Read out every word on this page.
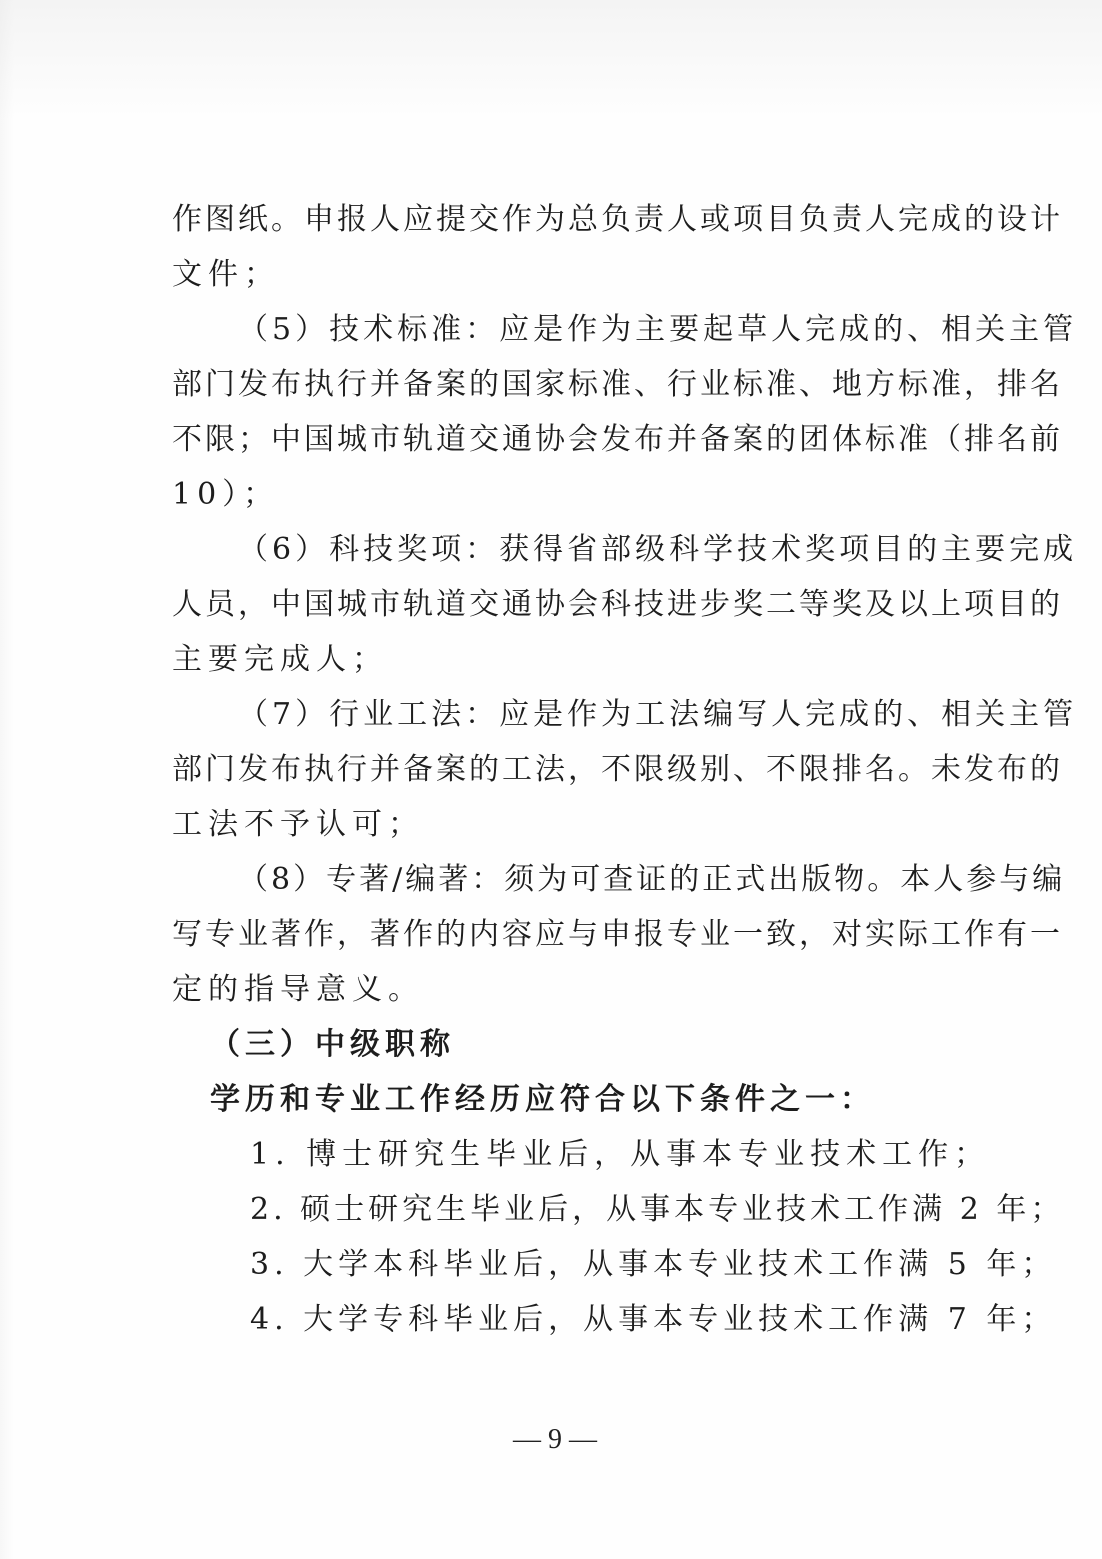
作图纸。申报人应提交作为总负责人或项目负责人完成的设计
文件；
（5）技术标准：应是作为主要起草人完成的、相关主管
部门发布执行并备案的国家标准、行业标准、地方标准，排名
不限；中国城市轨道交通协会发布并备案的团体标准（排名前
10）；
（6）科技奖项：获得省部级科学技术奖项目的主要完成
人员，中国城市轨道交通协会科技进步奖二等奖及以上项目的
主要完成人；
（7）行业工法：应是作为工法编写人完成的、相关主管
部门发布执行并备案的工法，不限级别、不限排名。未发布的
工法不予认可；
（8）专著/编著：须为可查证的正式出版物。本人参与编
写专业著作，著作的内容应与申报专业一致，对实际工作有一
定的指导意义。
（三）中级职称
学历和专业工作经历应符合以下条件之一：
1. 博士研究生毕业后，从事本专业技术工作；
2. 硕士研究生毕业后，从事本专业技术工作满 2 年；
3. 大学本科毕业后，从事本专业技术工作满 5 年；
4. 大学专科毕业后，从事本专业技术工作满 7 年；
— 9 —
